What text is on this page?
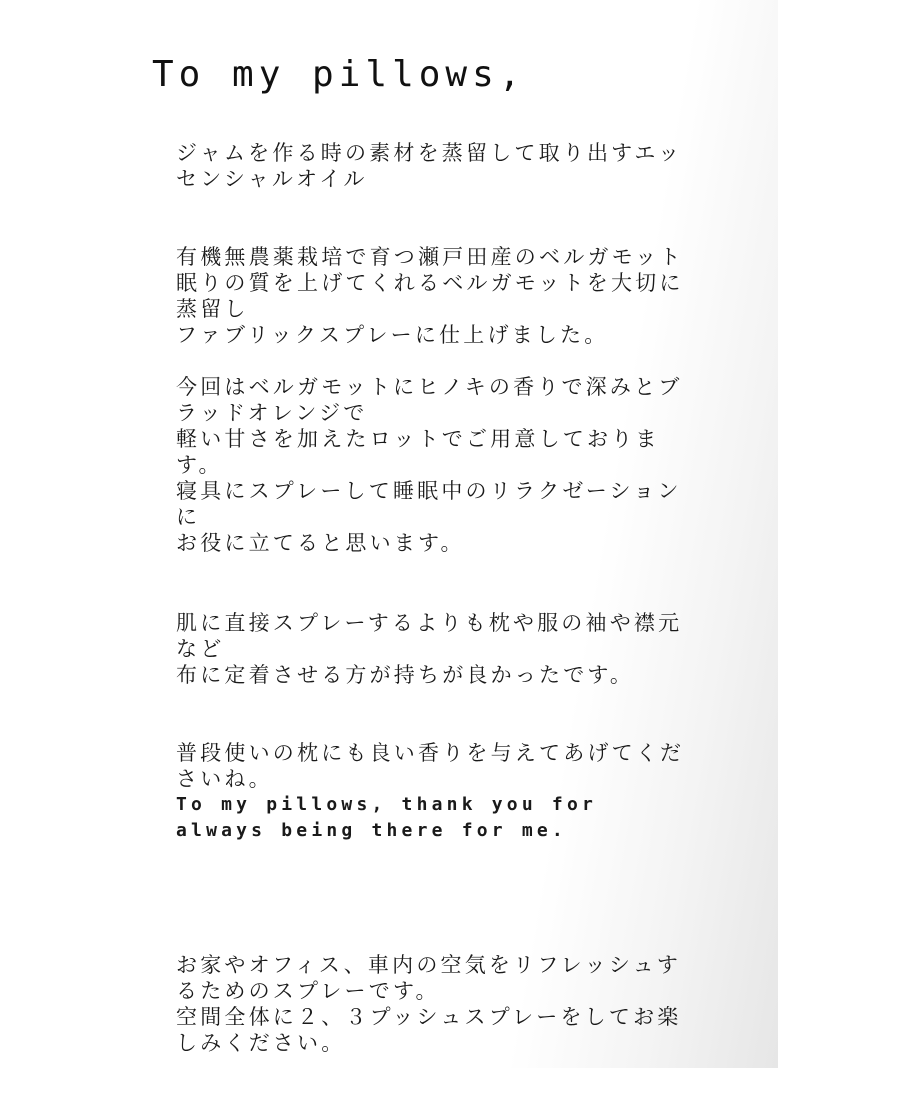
To my pillows,

ジャムを作る時の素材を蒸留して取り出すエッ
センシャルオイル

有機無農薬栽培で育つ瀬戸田産のベルガモット
眠りの質を上げてくれるベルガモットを大切に
蒸留し
ファブリックスプレーに仕上げました。

今回はベルガモットにヒノキの香りで深みとブ
ラッドオレンジで
軽い甘さを加えたロットでご用意しておりま
す。
寝具にスプレーして睡眠中のリラクゼーション
に
お役に立てると思います。

肌に直接スプレーするよりも枕や服の袖や襟元
など
布に定着させる方が持ちが良かったです。

普段使いの枕にも良い香りを与えてあげてくだ
さいね。
To my pillows, thank you for
always being there for me.

お家やオフィス、車内の空気をリフレッシュす
るためのスプレーです。
空間全体に２、３プッシュスプレーをしてお楽
しみください。
